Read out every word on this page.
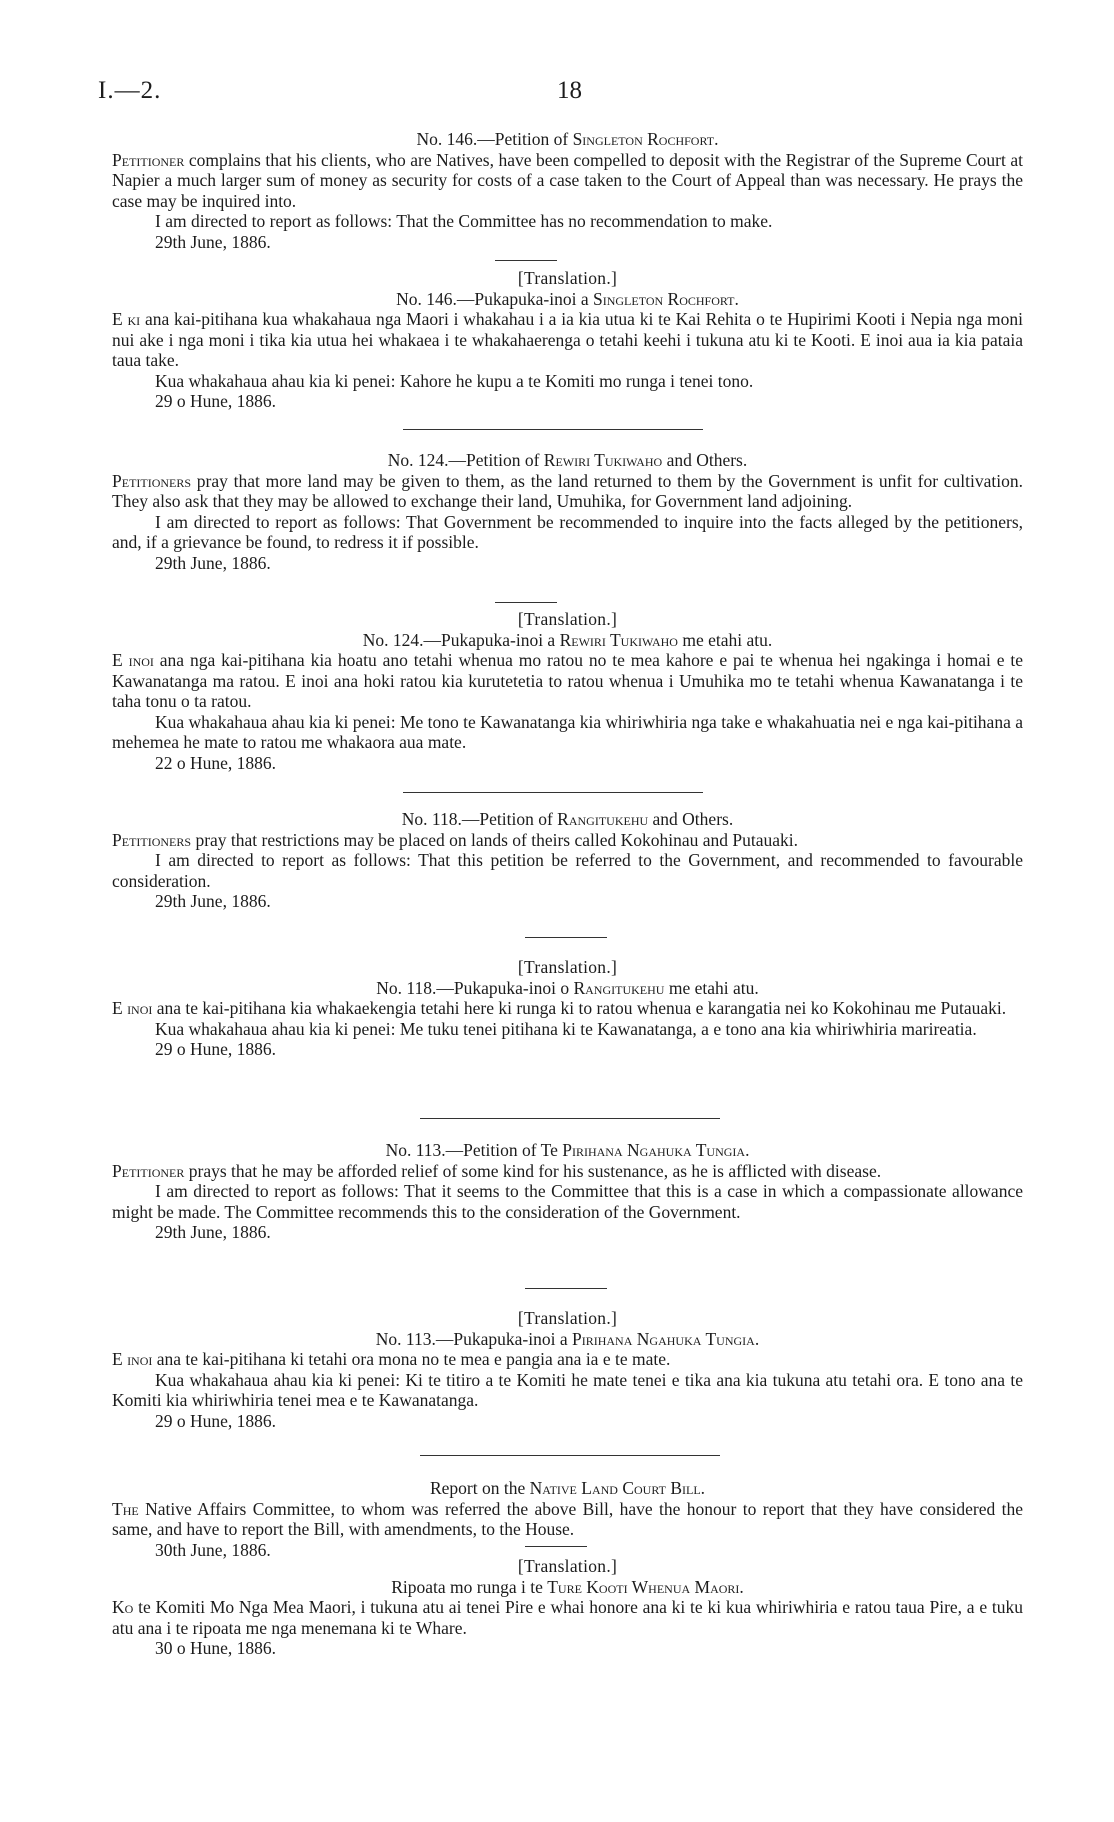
I.—2.	18

No. 146.—Petition of Singleton Rochfort.

Petitioner complains that his clients, who are Natives, have been compelled to deposit with the Registrar of the Supreme Court at Napier a much larger sum of money as security for costs of a case taken to the Court of Appeal than was necessary. He prays the case may be inquired into.

I am directed to report as follows: That the Committee has no recommendation to make.

29th June, 1886.

[Translation.]

No. 146.—Pukapuka-inoi a Singleton Rochfort.

E ki ana kai-pitihana kua whakahaua nga Maori i whakahau i a ia kia utua ki te Kai Rehita o te Hupirimi Kooti i Nepia nga moni nui ake i nga moni i tika kia utua hei whakaea i te whakahaerenga o tetahi keehi i tukuna atu ki te Kooti. E inoi aua ia kia pataia taua take.

Kua whakahaua ahau kia ki penei: Kahore he kupu a te Komiti mo runga i tenei tono.

29 o Hune, 1886.

No. 124.—Petition of Rewiri Tukiwaho and Others.

Petitioners pray that more land may be given to them, as the land returned to them by the Government is unfit for cultivation. They also ask that they may be allowed to exchange their land, Umuhika, for Government land adjoining.

I am directed to report as follows: That Government be recommended to inquire into the facts alleged by the petitioners, and, if a grievance be found, to redress it if possible.

29th June, 1886.

[Translation.]

No. 124.—Pukapuka-inoi a Rewiri Tukiwaho me etahi atu.

E inoi ana nga kai-pitihana kia hoatu ano tetahi whenua mo ratou no te mea kahore e pai te whenua hei ngakinga i homai e te Kawanatanga ma ratou. E inoi ana hoki ratou kia kurutetetia to ratou whenua i Umuhika mo te tetahi whenua Kawanatanga i te taha tonu o ta ratou.

Kua whakahaua ahau kia ki penei: Me tono te Kawanatanga kia whiriwhiria nga take e whakahuatia nei e nga kai-pitihana a mehemea he mate to ratou me whakaora aua mate.

22 o Hune, 1886.

No. 118.—Petition of Rangitukehu and Others.

Petitioners pray that restrictions may be placed on lands of theirs called Kokohinau and Putauaki.

I am directed to report as follows: That this petition be referred to the Government, and recommended to favourable consideration.

29th June, 1886.

[Translation.]

No. 118.—Pukapuka-inoi o Rangitukehu me etahi atu.

E inoi ana te kai-pitihana kia whakaekengia tetahi here ki runga ki to ratou whenua e karangatia nei ko Kokohinau me Putauaki.

Kua whakahaua ahau kia ki penei: Me tuku tenei pitihana ki te Kawanatanga, a e tono ana kia whiriwhiria marireatia.

29 o Hune, 1886.

No. 113.—Petition of Te Pirihana Ngahuka Tungia.

Petitioner prays that he may be afforded relief of some kind for his sustenance, as he is afflicted with disease.

I am directed to report as follows: That it seems to the Committee that this is a case in which a compassionate allowance might be made. The Committee recommends this to the consideration of the Government.

29th June, 1886.

[Translation.]

No. 113.—Pukapuka-inoi a Pirihana Ngahuka Tungia.

E inoi ana te kai-pitihana ki tetahi ora mona no te mea e pangia ana ia e te mate.

Kua whakahaua ahau kia ki penei: Ki te titiro a te Komiti he mate tenei e tika ana kia tukuna atu tetahi ora. E tono ana te Komiti kia whiriwhiria tenei mea e te Kawanatanga.

29 o Hune, 1886.

Report on the Native Land Court Bill.

The Native Affairs Committee, to whom was referred the above Bill, have the honour to report that they have considered the same, and have to report the Bill, with amendments, to the House.

30th June, 1886.

[Translation.]

Ripoata mo runga i te Ture Kooti Whenua Maori.

Ko te Komiti Mo Nga Mea Maori, i tukuna atu ai tenei Pire e whai honore ana ki te ki kua whiriwhiria e ratou taua Pire, a e tuku atu ana i te ripoata me nga menemana ki te Whare.

30 o Hune, 1886.
